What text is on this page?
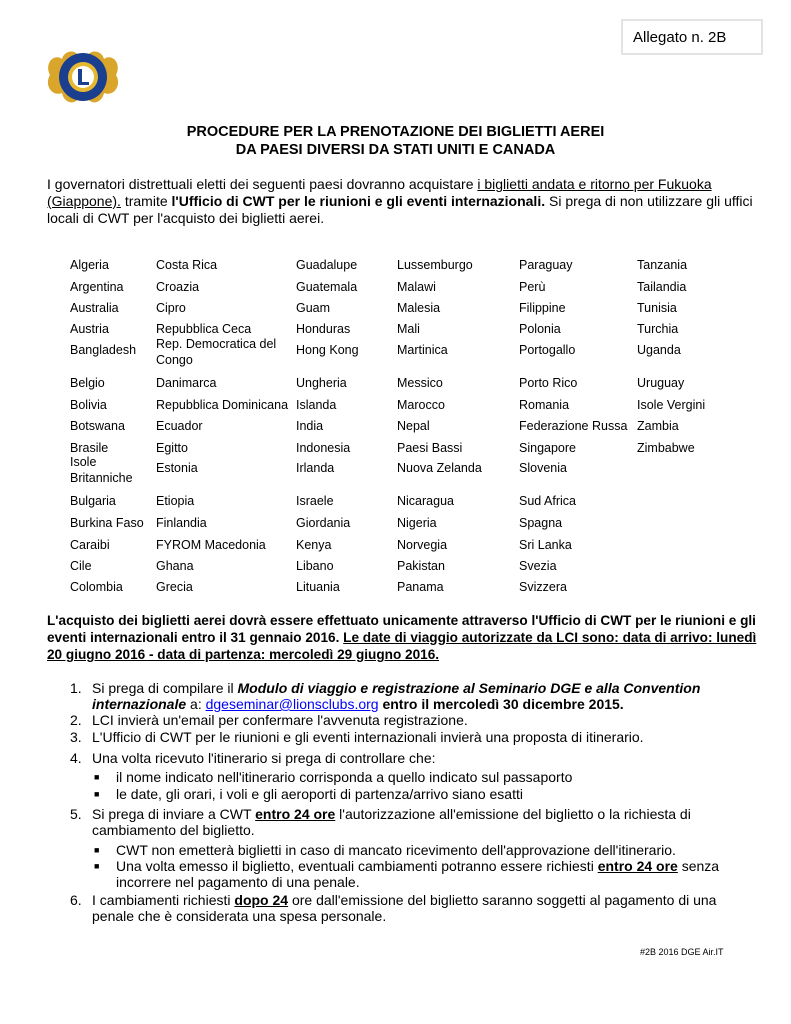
Allegato n. 2B
PROCEDURE PER LA PRENOTAZIONE DEI BIGLIETTI AEREI
DA PAESI DIVERSI DA STATI UNITI E CANADA
I governatori distrettuali eletti dei seguenti paesi dovranno acquistare i biglietti andata e ritorno per Fukuoka (Giappone). tramite l'Ufficio di CWT per le riunioni e gli eventi internazionali. Si prega di non utilizzare gli uffici locali di CWT per l'acquisto dei biglietti aerei.
Algeria
Argentina
Australia
Austria
Bangladesh
Belgio
Bolivia
Botswana
Brasile
Isole Britanniche
Bulgaria
Burkina Faso
Caraibi
Cile
Colombia
Costa Rica
Croazia
Cipro
Repubblica Ceca
Rep. Democratica del Congo
Danimarca
Repubblica Dominicana
Ecuador
Egitto
Estonia
Etiopia
Finlandia
FYROM Macedonia
Ghana
Grecia
Guadalupe
Guatemala
Guam
Honduras
Hong Kong
Ungheria
Islanda
India
Indonesia
Irlanda
Israele
Giordania
Kenya
Libano
Lituania
Lussemburgo
Malawi
Malesia
Mali
Martinica
Messico
Marocco
Nepal
Paesi Bassi
Nuova Zelanda
Nicaragua
Nigeria
Norvegia
Pakistan
Panama
Paraguay
Perù
Filippine
Polonia
Portogallo
Porto Rico
Romania
Federazione Russa
Singapore
Slovenia
Sud Africa
Spagna
Sri Lanka
Svezia
Svizzera
Tanzania
Tailandia
Tunisia
Turchia
Uganda
Uruguay
Isole Vergini
Zambia
Zimbabwe
L'acquisto dei biglietti aerei dovrà essere effettuato unicamente attraverso l'Ufficio di CWT per le riunioni e gli eventi internazionali entro il 31 gennaio 2016. Le date di viaggio autorizzate da LCI sono: data di arrivo: lunedì 20 giugno 2016 - data di partenza: mercoledì 29 giugno 2016.
1. Si prega di compilare il Modulo di viaggio e registrazione al Seminario DGE e alla Convention internazionale a: dgeseminar@lionsclubs.org entro il mercoledì 30 dicembre 2015.
2. LCI invierà un'email per confermare l'avvenuta registrazione.
3. L'Ufficio di CWT per le riunioni e gli eventi internazionali invierà una proposta di itinerario.
4. Una volta ricevuto l'itinerario si prega di controllare che:
■ il nome indicato nell'itinerario corrisponda a quello indicato sul passaporto
■ le date, gli orari, i voli e gli aeroporti di partenza/arrivo siano esatti
5. Si prega di inviare a CWT entro 24 ore l'autorizzazione all'emissione del biglietto o la richiesta di cambiamento del biglietto.
■ CWT non emetterà biglietti in caso di mancato ricevimento dell'approvazione dell'itinerario.
■ Una volta emesso il biglietto, eventuali cambiamenti potranno essere richiesti entro 24 ore senza incorrere nel pagamento di una penale.
6. I cambiamenti richiesti dopo 24 ore dall'emissione del biglietto saranno soggetti al pagamento di una penale che è considerata una spesa personale.
#2B 2016 DGE Air.IT
